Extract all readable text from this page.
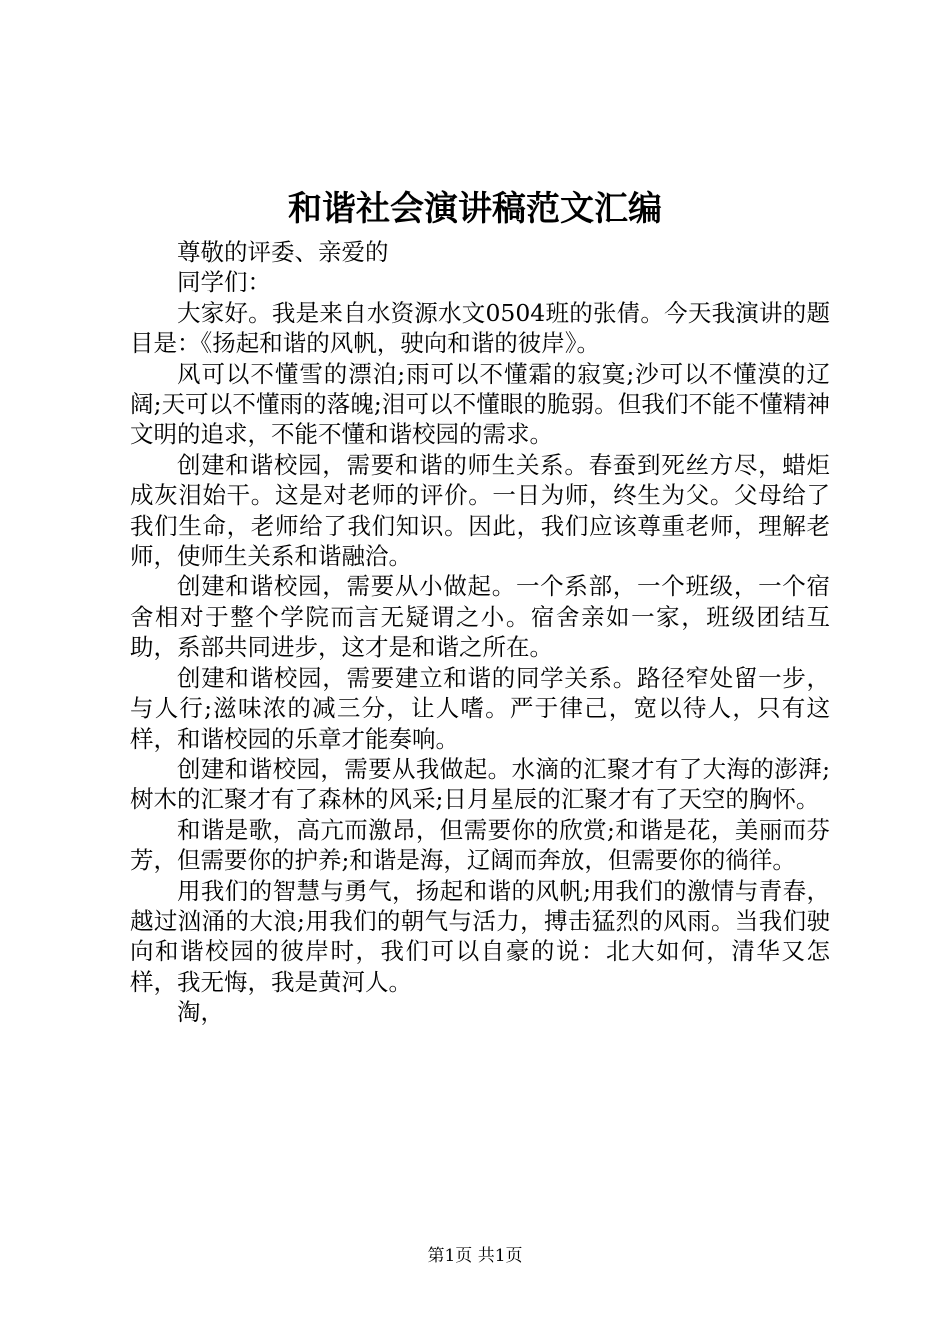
和谐社会演讲稿范文汇编

尊敬的评委、亲爱的

同学们：

大家好。我是来自水资源水文0504班的张倩。今天我演讲的题目是：《扬起和谐的风帆，驶向和谐的彼岸》。

风可以不懂雪的漂泊;雨可以不懂霜的寂寞;沙可以不懂漠的辽阔;天可以不懂雨的落魄;泪可以不懂眼的脆弱。但我们不能不懂精神文明的追求，不能不懂和谐校园的需求。

创建和谐校园，需要和谐的师生关系。春蚕到死丝方尽，蜡炬成灰泪始干。这是对老师的评价。一日为师，终生为父。父母给了我们生命，老师给了我们知识。因此，我们应该尊重老师，理解老师，使师生关系和谐融洽。

创建和谐校园，需要从小做起。一个系部，一个班级，一个宿舍相对于整个学院而言无疑谓之小。宿舍亲如一家，班级团结互助，系部共同进步，这才是和谐之所在。

创建和谐校园，需要建立和谐的同学关系。路径窄处留一步，与人行;滋味浓的减三分，让人嗜。严于律己，宽以待人，只有这样，和谐校园的乐章才能奏响。

创建和谐校园，需要从我做起。水滴的汇聚才有了大海的澎湃;树木的汇聚才有了森林的风采;日月星辰的汇聚才有了天空的胸怀。

和谐是歌，高亢而激昂，但需要你的欣赏;和谐是花，美丽而芬芳，但需要你的护养;和谐是海，辽阔而奔放，但需要你的徜徉。

用我们的智慧与勇气，扬起和谐的风帆;用我们的激情与青春，越过汹涌的大浪;用我们的朝气与活力，搏击猛烈的风雨。当我们驶向和谐校园的彼岸时，我们可以自豪的说：北大如何，清华又怎样，我无悔，我是黄河人。

淘，

第1页 共1页
